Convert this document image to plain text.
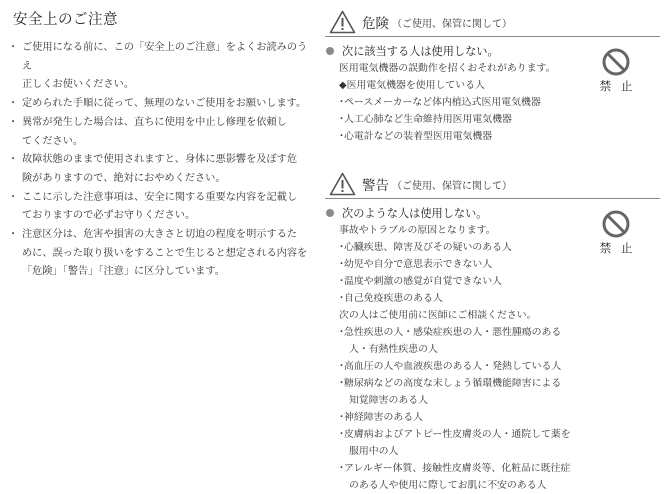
安全上のご注意
・ ご使用になる前に、この「安全上のご注意」をよくお読みのうえ
正しくお使いください。
・ 定められた手順に従って、無理のないご使用をお願いします。
・ 異常が発生した場合は、直ちに使用を中止し修理を依頼し
てください。
・ 故障状態のままで使用されますと、身体に悪影響を及ぼす危
険がありますので、絶対におやめください。
・ ここに示した注意事項は、安全に関する重要な内容を記載し
ておりますので必ずお守りください。
・ 注意区分は、危害や損害の大きさと切迫の程度を明示するた
めに、誤った取り扱いをすることで生じると想定される内容を
「危険」「警告」「注意」に区分しています。
危険 （ご使用、保管に関して）
次に該当する人は使用しない。
医用電気機器の誤動作を招くおそれがあります。
◆医用電気機器を使用している人
･ペースメーカーなど体内植込式医用電気機器
･人工心肺など生命維持用医用電気機器
･心電計などの装着型医用電気機器
禁 止
警告 （ご使用、保管に関して）
次のような人は使用しない。
事故やトラブルの原因となります。
･心臓疾患、障害及びその疑いのある人
･幼児や自分で意思表示できない人
･温度や刺激の感覚が自覚できない人
･自己免疫疾患のある人
次の人はご使用前に医師にご相談ください。
･急性疾患の人・感染症疾患の人・悪性腫瘍のある
人・有熱性疾患の人
･高血圧の人や血液疾患のある人・発熱している人
･糖尿病などの高度な末しょう循環機能障害による
知覚障害のある人
･神経障害のある人
･皮膚病およびアトピー性皮膚炎の人・通院して薬を
服用中の人
･アレルギー体質、接触性皮膚炎等、化粧品に既往症
のある人や使用に際してお肌に不安のある人
禁 止
